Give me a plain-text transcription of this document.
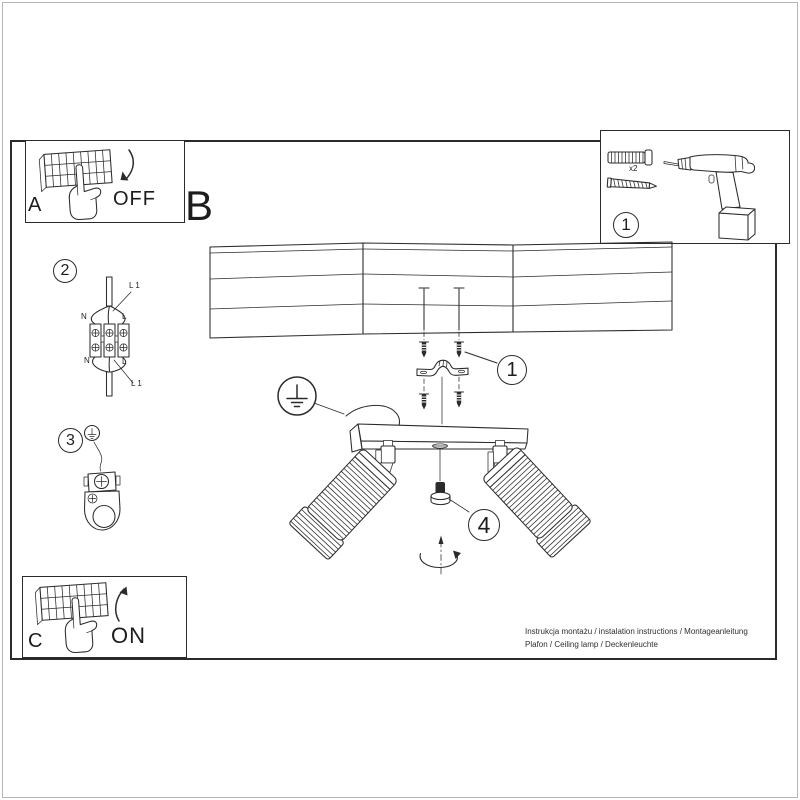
1
1
2
3
4
A	OFF B
C	ON
x2
L 1
N	L
N	L
L 1
Instrukcja montażu / instalation instructions / Montageanleitung
Plafon / Ceiling lamp / Deckenleuchte
